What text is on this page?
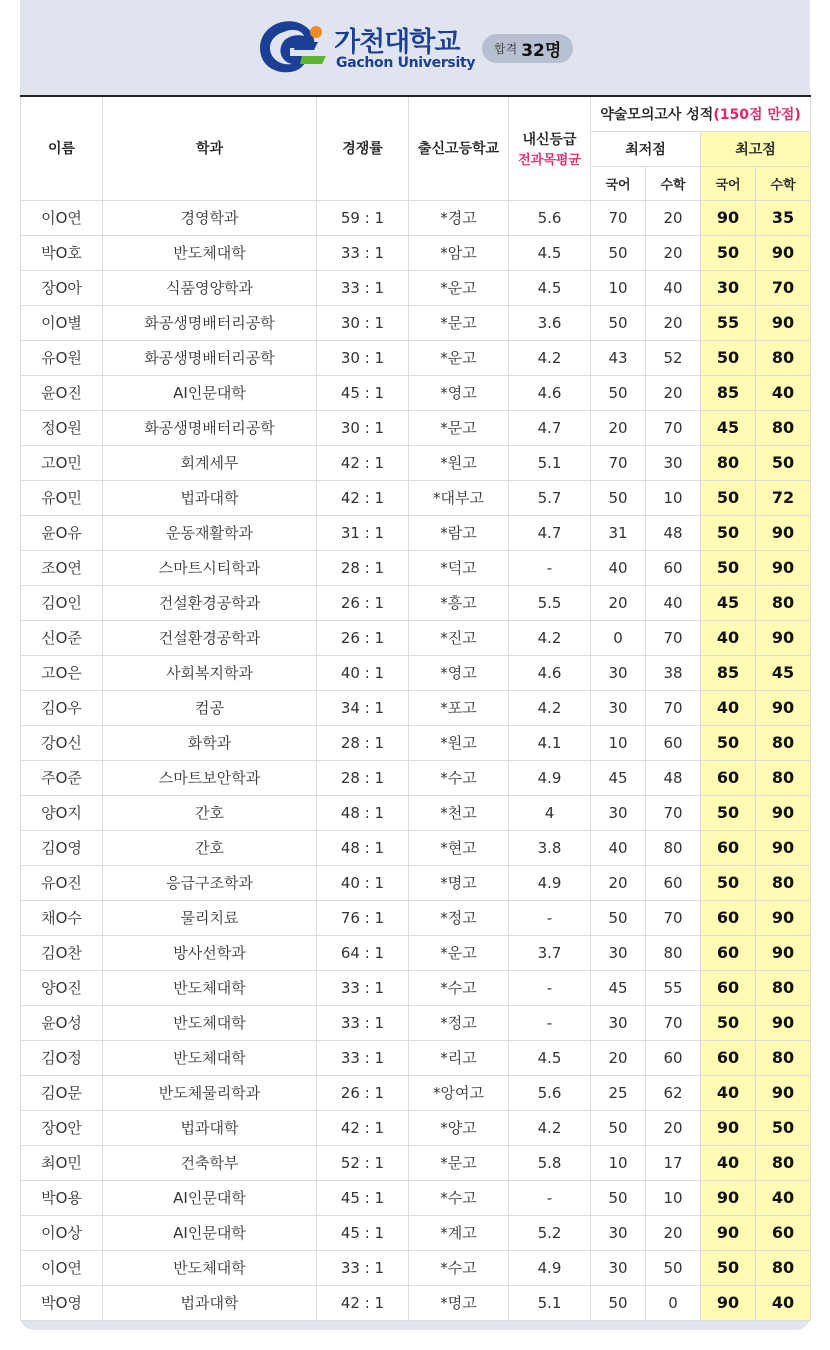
가천대학교
Gachon University
합격 32명
이름	학과	경쟁률	출신고등학교	내신등급
전과목평균	약술모의고사 성적(150점 만점)			
					최저점		최고점	
					국어	수학	국어	수학
이O연	경영학과	59 : 1	*경고	5.6	70	20	90	35
박O호	반도체대학	33 : 1	*암고	4.5	50	20	50	90
장O아	식품영양학과	33 : 1	*운고	4.5	10	40	30	70
이O별	화공생명배터리공학	30 : 1	*문고	3.6	50	20	55	90
유O원	화공생명배터리공학	30 : 1	*운고	4.2	43	52	50	80
윤O진	AI인문대학	45 : 1	*영고	4.6	50	20	85	40
정O원	화공생명배터리공학	30 : 1	*문고	4.7	20	70	45	80
고O민	회계세무	42 : 1	*원고	5.1	70	30	80	50
유O민	법과대학	42 : 1	*대부고	5.7	50	10	50	72
윤O유	운동재활학과	31 : 1	*람고	4.7	31	48	50	90
조O연	스마트시티학과	28 : 1	*덕고	-	40	60	50	90
김O인	건설환경공학과	26 : 1	*흥고	5.5	20	40	45	80
신O준	건설환경공학과	26 : 1	*진고	4.2	0	70	40	90
고O은	사회복지학과	40 : 1	*영고	4.6	30	38	85	45
김O우	컴공	34 : 1	*포고	4.2	30	70	40	90
강O신	화학과	28 : 1	*원고	4.1	10	60	50	80
주O준	스마트보안학과	28 : 1	*수고	4.9	45	48	60	80
양O지	간호	48 : 1	*천고	4	30	70	50	90
김O영	간호	48 : 1	*현고	3.8	40	80	60	90
유O진	응급구조학과	40 : 1	*명고	4.9	20	60	50	80
채O수	물리치료	76 : 1	*정고	-	50	70	60	90
김O찬	방사선학과	64 : 1	*운고	3.7	30	80	60	90
양O진	반도체대학	33 : 1	*수고	-	45	55	60	80
윤O성	반도체대학	33 : 1	*정고	-	30	70	50	90
김O정	반도체대학	33 : 1	*리고	4.5	20	60	60	80
김O문	반도체물리학과	26 : 1	*앙여고	5.6	25	62	40	90
장O안	법과대학	42 : 1	*양고	4.2	50	20	90	50
최O민	건축학부	52 : 1	*문고	5.8	10	17	40	80
박O용	AI인문대학	45 : 1	*수고	-	50	10	90	40
이O상	AI인문대학	45 : 1	*계고	5.2	30	20	90	60
이O연	반도체대학	33 : 1	*수고	4.9	30	50	50	80
박O영	법과대학	42 : 1	*명고	5.1	50	0	90	40
